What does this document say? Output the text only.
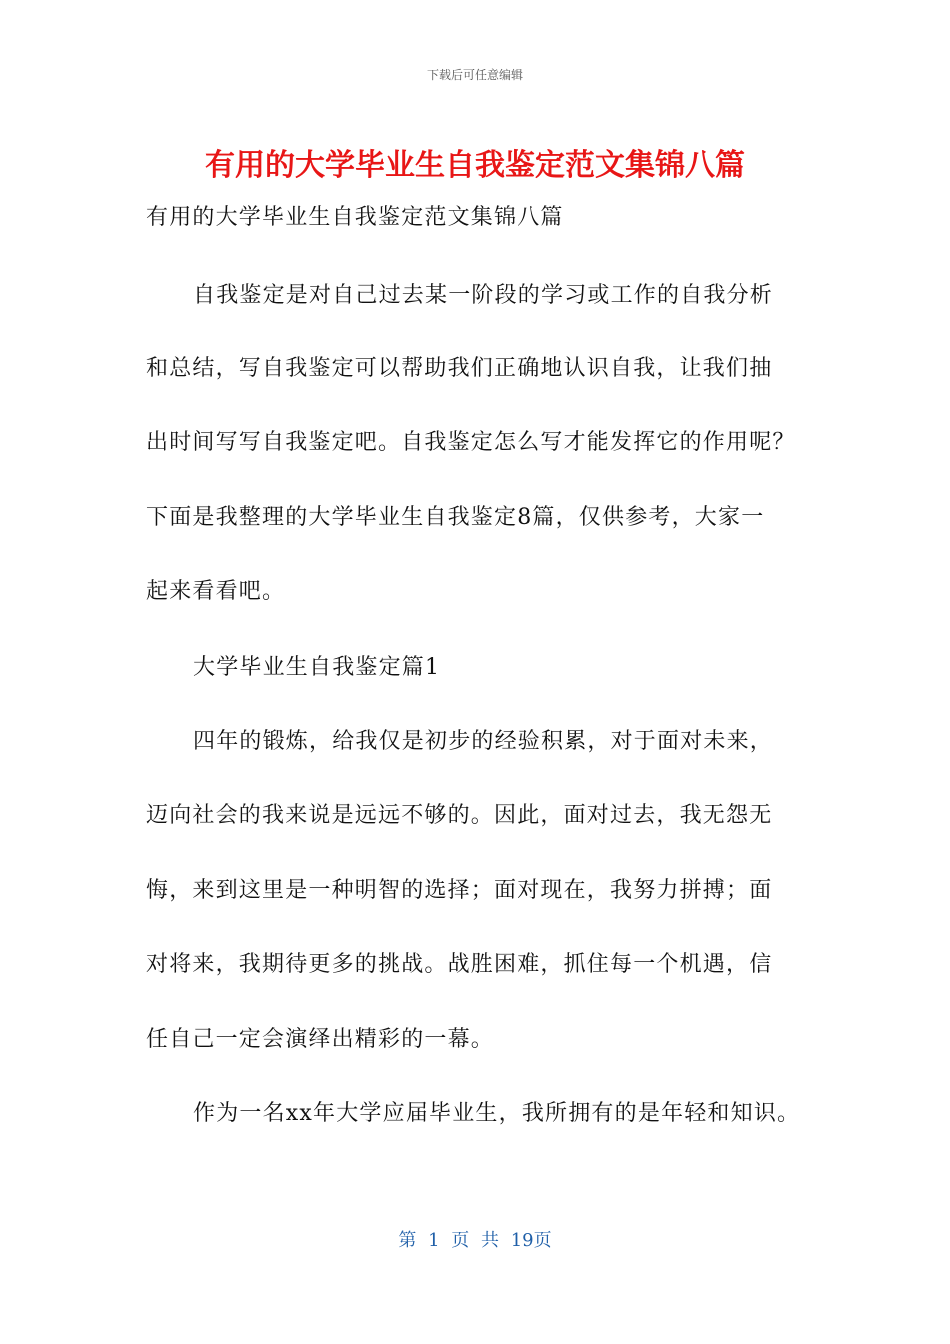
下载后可任意编辑
有用的大学毕业生自我鉴定范文集锦八篇
有用的大学毕业生自我鉴定范文集锦八篇
自我鉴定是对自己过去某一阶段的学习或工作的自我分析
和总结，写自我鉴定可以帮助我们正确地认识自我，让我们抽
出时间写写自我鉴定吧。自我鉴定怎么写才能发挥它的作用呢？
下面是我整理的大学毕业生自我鉴定8篇，仅供参考，大家一
起来看看吧。
大学毕业生自我鉴定篇1
四年的锻炼，给我仅是初步的经验积累，对于面对未来，
迈向社会的我来说是远远不够的。因此，面对过去，我无怨无
悔，来到这里是一种明智的选择；面对现在，我努力拼搏；面
对将来，我期待更多的挑战。战胜困难，抓住每一个机遇，信
任自己一定会演绎出精彩的一幕。
作为一名xx年大学应届毕业生，我所拥有的是年轻和知识。
第 1 页 共 19页
